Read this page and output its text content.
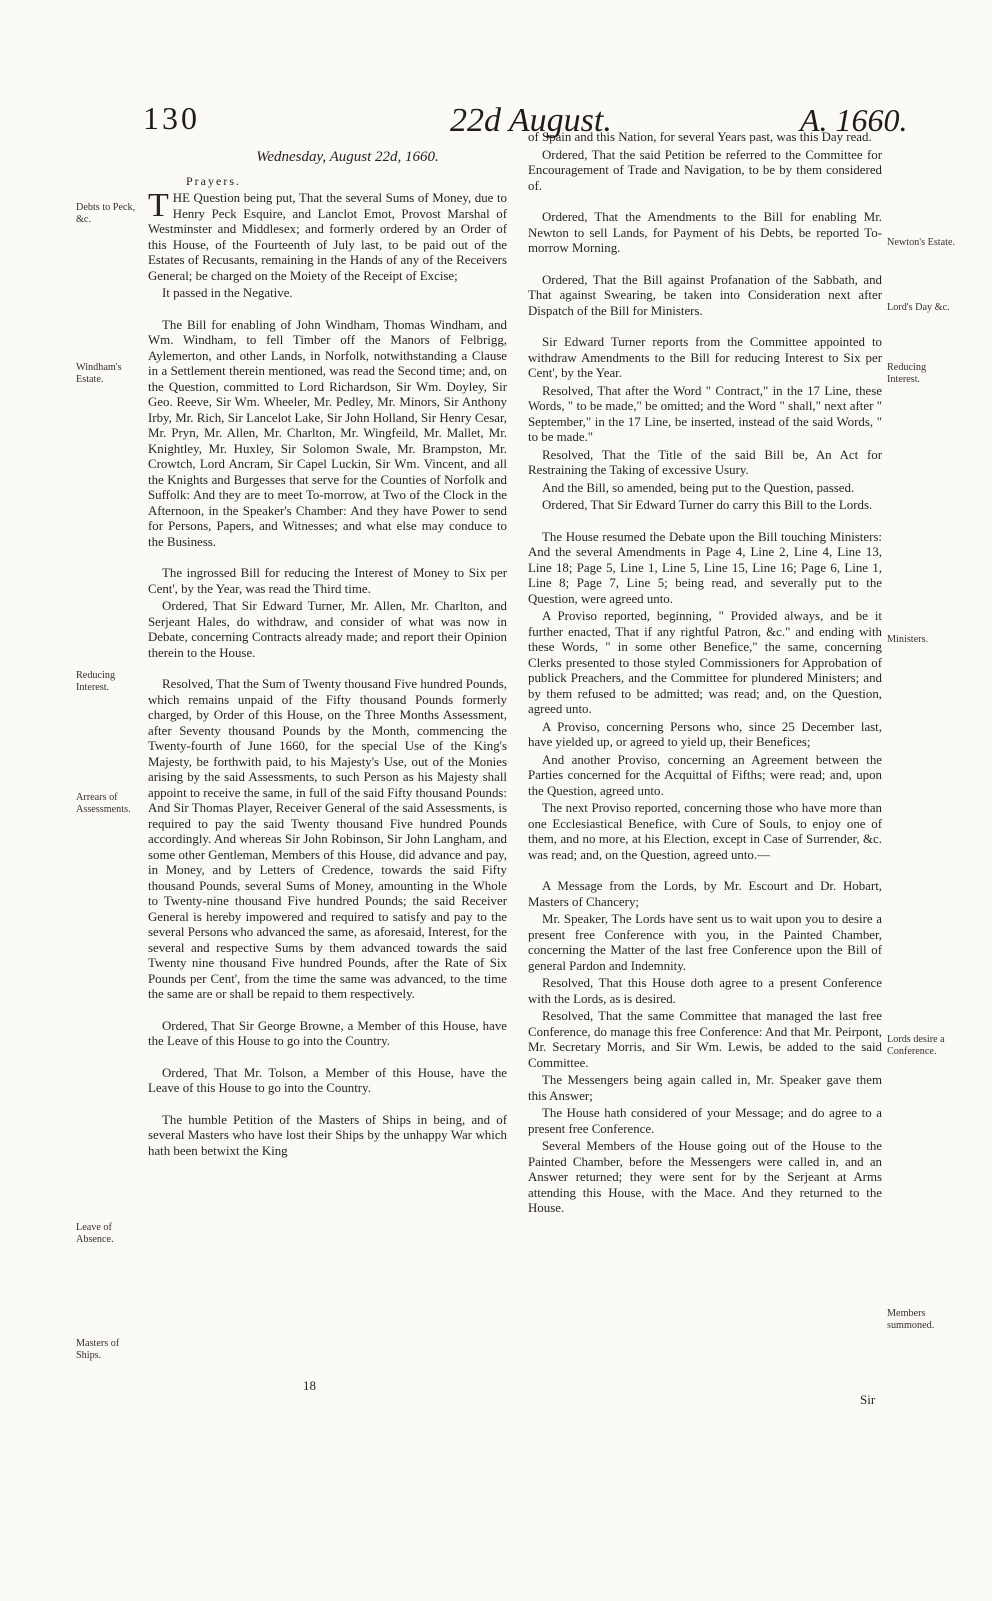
130	22d August.	A. 1660.

Wednesday, August 22d, 1660.

Prayers.

THE Question being put, That the several Sums of Money, due to Henry Peck Esquire, and Lanclot Emot, Provost Marshal of Westminster and Middlesex; and formerly ordered by an Order of this House, of the Fourteenth of July last, to be paid out of the Estates of Recusants, remaining in the Hands of any of the Receivers General; be charged on the Moiety of the Receipt of Excise;

It passed in the Negative.

The Bill for enabling of John Windham, Thomas Windham, and Wm. Windham, to fell Timber off the Manors of Felbrigg, Aylemerton, and other Lands, in Norfolk, notwithstanding a Clause in a Settlement therein mentioned, was read the Second time; and, on the Question, committed to Lord Richardson, Sir Wm. Doyley, Sir Geo. Reeve, Sir Wm. Wheeler, Mr. Pedley, Mr. Minors, Sir Anthony Irby, Mr. Rich, Sir Lancelot Lake, Sir John Holland, Sir Henry Cesar, Mr. Pryn, Mr. Allen, Mr. Charlton, Mr. Wingfeild, Mr. Mallet, Mr. Knightley, Mr. Huxley, Sir Solomon Swale, Mr. Brampston, Mr. Crowtch, Lord Ancram, Sir Capel Luckin, Sir Wm. Vincent, and all the Knights and Burgesses that serve for the Counties of Norfolk and Suffolk: And they are to meet To-morrow, at Two of the Clock in the Afternoon, in the Speaker's Chamber: And they have Power to send for Persons, Papers, and Witnesses; and what else may conduce to the Business.

The ingrossed Bill for reducing the Interest of Money to Six per Cent', by the Year, was read the Third time.

Ordered, That Sir Edward Turner, Mr. Allen, Mr. Charlton, and Serjeant Hales, do withdraw, and consider of what was now in Debate, concerning Contracts already made; and report their Opinion therein to the House.

Resolved, That the Sum of Twenty thousand Five hundred Pounds, which remains unpaid of the Fifty thousand Pounds formerly charged, by Order of this House, on the Three Months Assessment, after Seventy thousand Pounds by the Month, commencing the Twenty-fourth of June 1660, for the special Use of the King's Majesty, be forthwith paid, to his Majesty's Use, out of the Monies arising by the said Assessments, to such Person as his Majesty shall appoint to receive the same, in full of the said Fifty thousand Pounds: And Sir Thomas Player, Receiver General of the said Assessments, is required to pay the said Twenty thousand Five hundred Pounds accordingly. And whereas Sir John Robinson, Sir John Langham, and some other Gentleman, Members of this House, did advance and pay, in Money, and by Letters of Credence, towards the said Fifty thousand Pounds, several Sums of Money, amounting in the Whole to Twenty-nine thousand Five hundred Pounds; the said Receiver General is hereby impowered and required to satisfy and pay to the several Persons who advanced the same, as aforesaid, Interest, for the several and respective Sums by them advanced towards the said Twenty nine thousand Five hundred Pounds, after the Rate of Six Pounds per Cent', from the time the same was advanced, to the time the same are or shall be repaid to them respectively.

Ordered, That Sir George Browne, a Member of this House, have the Leave of this House to go into the Country.

Ordered, That Mr. Tolson, a Member of this House, have the Leave of this House to go into the Country.

The humble Petition of the Masters of Ships in being, and of several Masters who have lost their Ships by the unhappy War which hath been betwixt the King

of Spain and this Nation, for several Years past, was this Day read.

Ordered, That the said Petition be referred to the Committee for Encouragement of Trade and Navigation, to be by them considered of.

Ordered, That the Amendments to the Bill for enabling Mr. Newton to sell Lands, for Payment of his Debts, be reported To-morrow Morning.

Ordered, That the Bill against Profanation of the Sabbath, and That against Swearing, be taken into Consideration next after Dispatch of the Bill for Ministers.

Sir Edward Turner reports from the Committee appointed to withdraw Amendments to the Bill for reducing Interest to Six per Cent', by the Year.

Resolved, That after the Word " Contract," in the 17 Line, these Words, " to be made," be omitted; and the Word " shall," next after " September," in the 17 Line, be inserted, instead of the said Words, " to be made."

Resolved, That the Title of the said Bill be, An Act for Restraining the Taking of excessive Usury.

And the Bill, so amended, being put to the Question, passed.

Ordered, That Sir Edward Turner do carry this Bill to the Lords.

The House resumed the Debate upon the Bill touching Ministers: And the several Amendments in Page 4, Line 2, Line 4, Line 13, Line 18; Page 5, Line 1, Line 5, Line 15, Line 16; Page 6, Line 1, Line 8; Page 7, Line 5; being read, and severally put to the Question, were agreed unto.

A Proviso reported, beginning, " Provided always, and be it further enacted, That if any rightful Patron, &c." and ending with these Words, " in some other Benefice," the same, concerning Clerks presented to those styled Commissioners for Approbation of publick Preachers, and the Committee for plundered Ministers; and by them refused to be admitted; was read; and, on the Question, agreed unto.

A Proviso, concerning Persons who, since 25 December last, have yielded up, or agreed to yield up, their Benefices;

And another Proviso, concerning an Agreement between the Parties concerned for the Acquittal of Fifths; were read; and, upon the Question, agreed unto.

The next Proviso reported, concerning those who have more than one Ecclesiastical Benefice, with Cure of Souls, to enjoy one of them, and no more, at his Election, except in Case of Surrender, &c. was read; and, on the Question, agreed unto.—

A Message from the Lords, by Mr. Escourt and Dr. Hobart, Masters of Chancery;

Mr. Speaker, The Lords have sent us to wait upon you to desire a present free Conference with you, in the Painted Chamber, concerning the Matter of the last free Conference upon the Bill of general Pardon and Indemnity.

Resolved, That this House doth agree to a present Conference with the Lords, as is desired.

Resolved, That the same Committee that managed the last free Conference, do manage this free Conference: And that Mr. Peirpont, Mr. Secretary Morris, and Sir Wm. Lewis, be added to the said Committee.

The Messengers being again called in, Mr. Speaker gave them this Answer;

The House hath considered of your Message; and do agree to a present free Conference.

Several Members of the House going out of the House to the Painted Chamber, before the Messengers were called in, and an Answer returned; they were sent for by the Serjeant at Arms attending this House, with the Mace. And they returned to the House.

Debts to Peck, &c.
Windham's Estate.
Reducing Interest.
Arrears of Assessments.
Leave of Absence.
Masters of Ships.
Newton's Estate.
Lord's Day &c.
Reducing Interest.
Ministers.
Lords desire a Conference.
Members summoned.
18
Sir
